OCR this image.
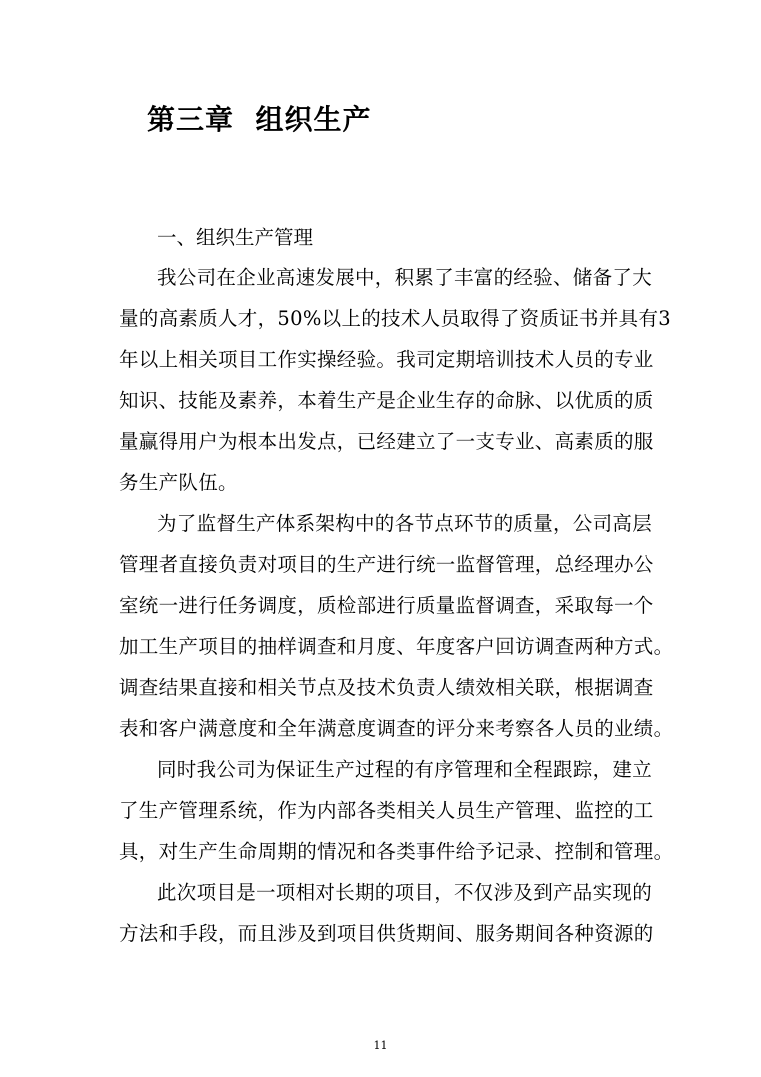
第三章  组织生产

一、组织生产管理

我公司在企业高速发展中，积累了丰富的经验、储备了大

量的高素质人才，50%以上的技术人员取得了资质证书并具有3

年以上相关项目工作实操经验。我司定期培训技术人员的专业

知识、技能及素养，本着生产是企业生存的命脉、以优质的质

量赢得用户为根本出发点，已经建立了一支专业、高素质的服

务生产队伍。

为了监督生产体系架构中的各节点环节的质量，公司高层

管理者直接负责对项目的生产进行统一监督管理，总经理办公

室统一进行任务调度，质检部进行质量监督调查，采取每一个

加工生产项目的抽样调查和月度、年度客户回访调查两种方式。

调查结果直接和相关节点及技术负责人绩效相关联，根据调查

表和客户满意度和全年满意度调查的评分来考察各人员的业绩。

同时我公司为保证生产过程的有序管理和全程跟踪，建立

了生产管理系统，作为内部各类相关人员生产管理、监控的工

具，对生产生命周期的情况和各类事件给予记录、控制和管理。

此次项目是一项相对长期的项目，不仅涉及到产品实现的

方法和手段，而且涉及到项目供货期间、服务期间各种资源的

11
